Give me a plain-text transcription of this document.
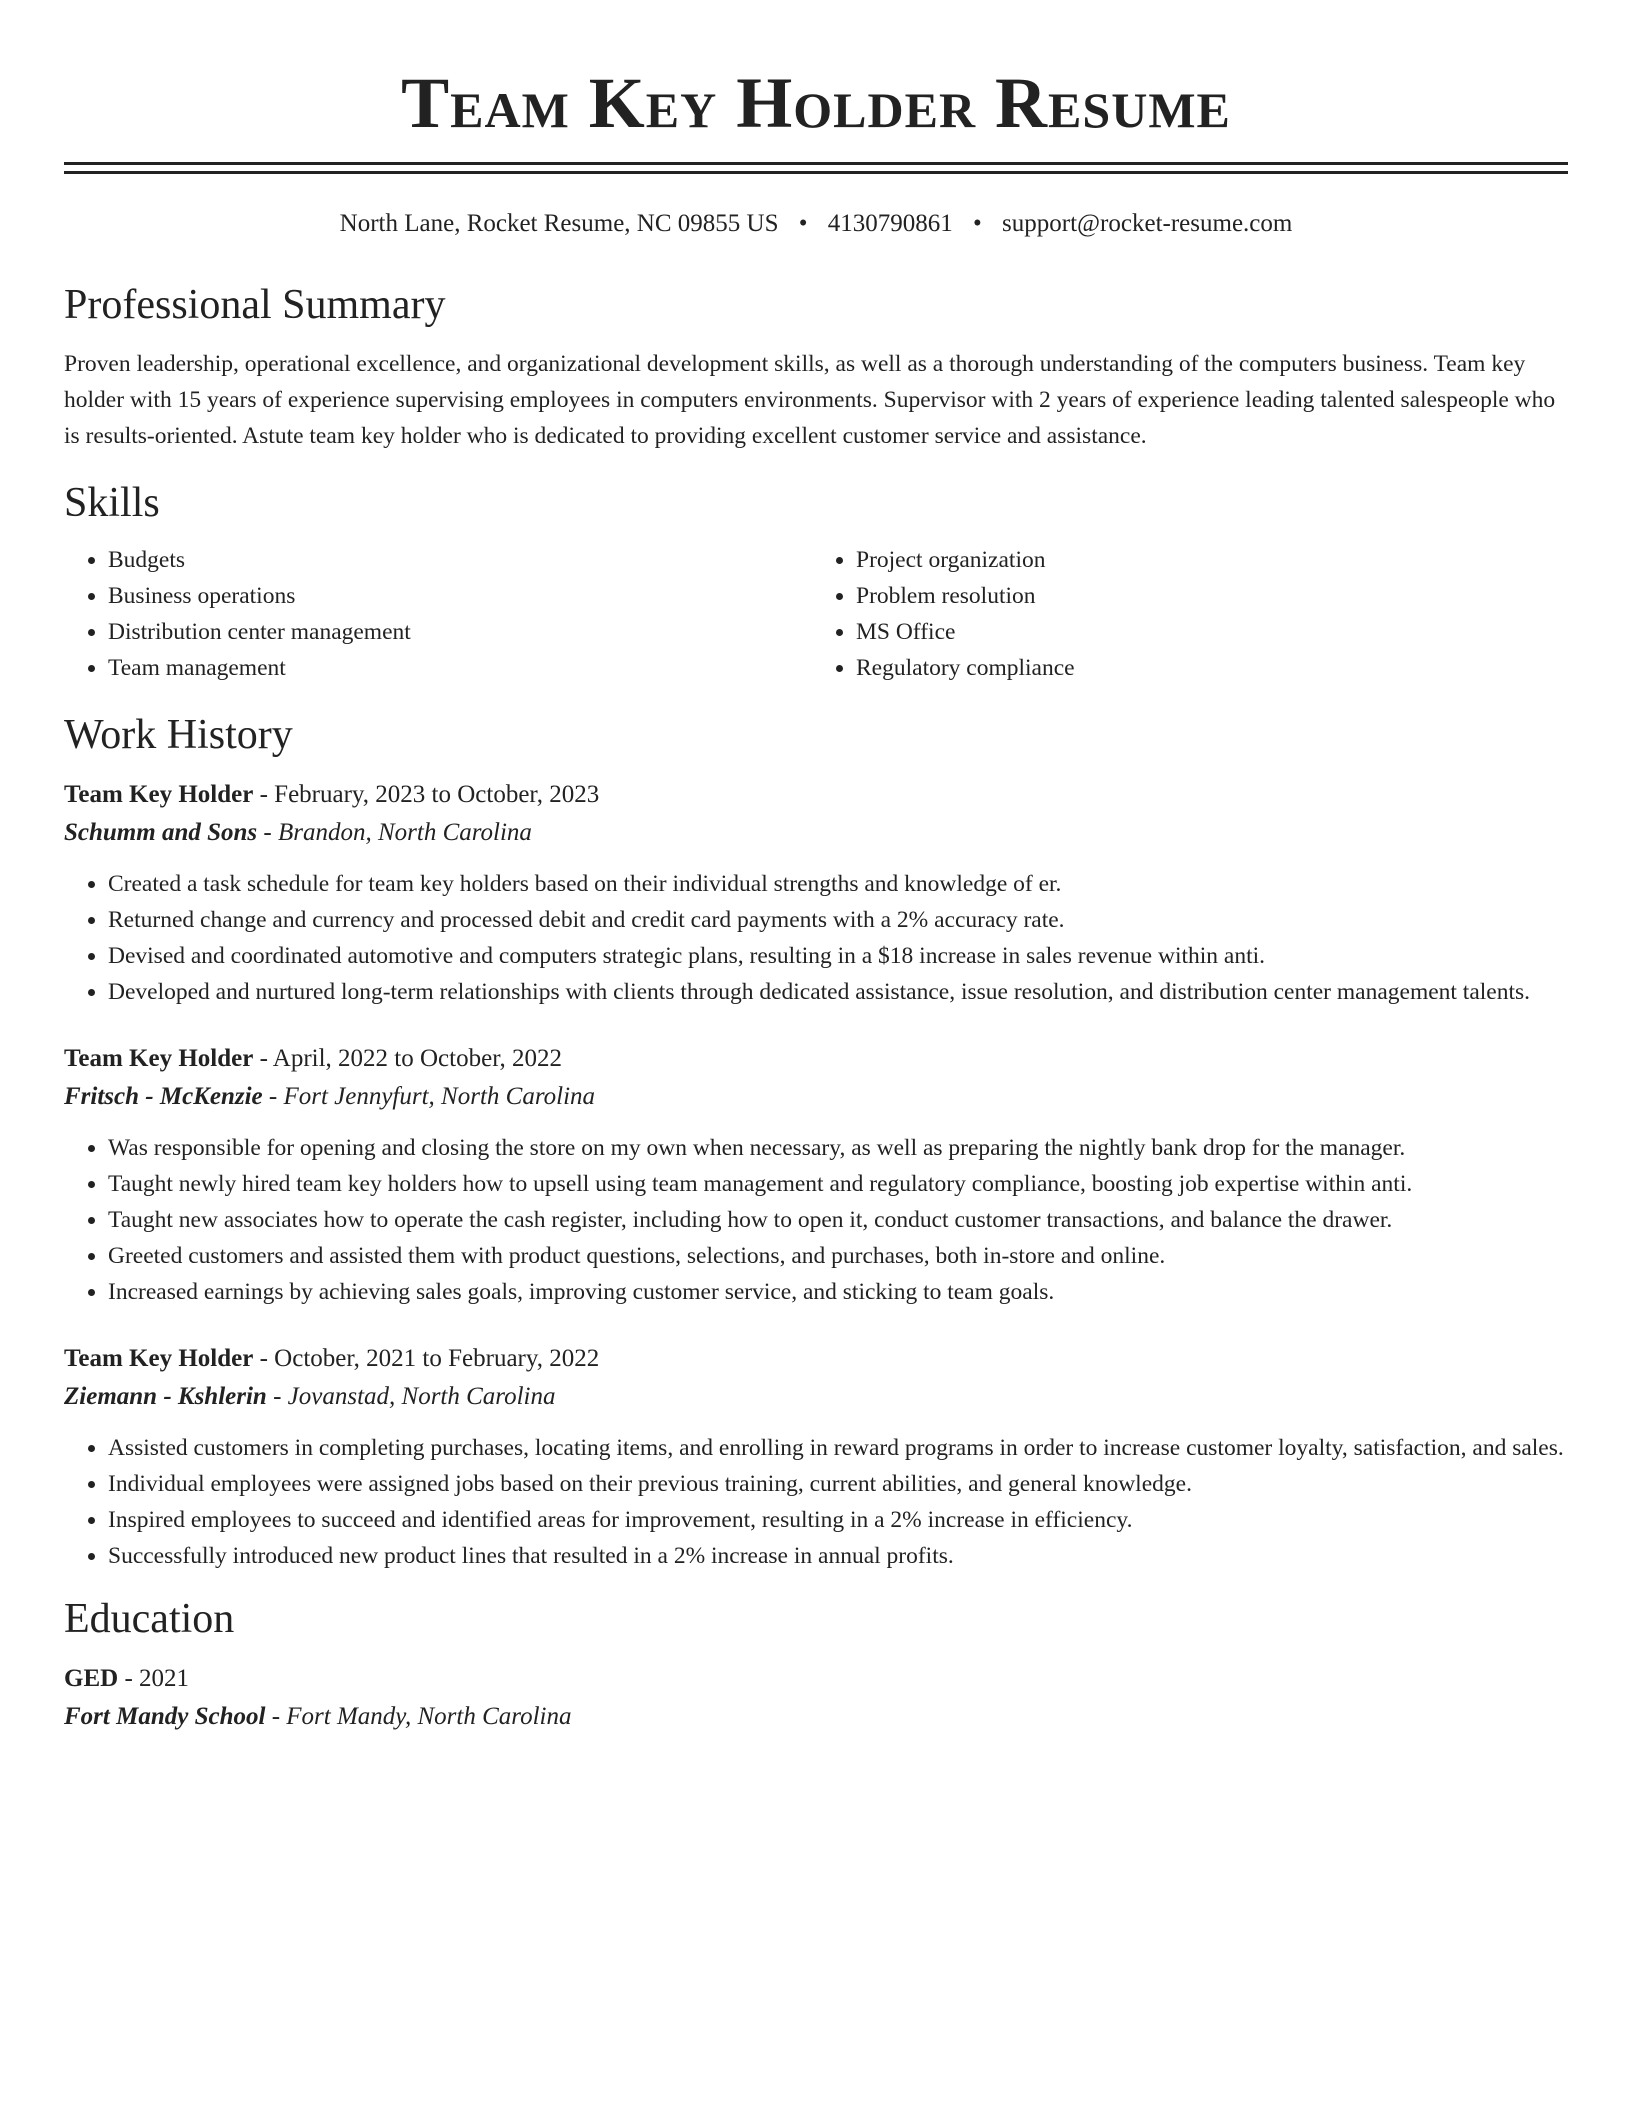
Team Key Holder Resume
North Lane, Rocket Resume, NC 09855 US • 4130790861 • support@rocket-resume.com
Professional Summary
Proven leadership, operational excellence, and organizational development skills, as well as a thorough understanding of the computers business. Team key holder with 15 years of experience supervising employees in computers environments. Supervisor with 2 years of experience leading talented salespeople who is results-oriented. Astute team key holder who is dedicated to providing excellent customer service and assistance.
Skills
• Budgets
• Business operations
• Distribution center management
• Team management
• Project organization
• Problem resolution
• MS Office
• Regulatory compliance
Work History
Team Key Holder - February, 2023 to October, 2023
Schumm and Sons - Brandon, North Carolina
• Created a task schedule for team key holders based on their individual strengths and knowledge of er.
• Returned change and currency and processed debit and credit card payments with a 2% accuracy rate.
• Devised and coordinated automotive and computers strategic plans, resulting in a $18 increase in sales revenue within anti.
• Developed and nurtured long-term relationships with clients through dedicated assistance, issue resolution, and distribution center management talents.
Team Key Holder - April, 2022 to October, 2022
Fritsch - McKenzie - Fort Jennyfurt, North Carolina
• Was responsible for opening and closing the store on my own when necessary, as well as preparing the nightly bank drop for the manager.
• Taught newly hired team key holders how to upsell using team management and regulatory compliance, boosting job expertise within anti.
• Taught new associates how to operate the cash register, including how to open it, conduct customer transactions, and balance the drawer.
• Greeted customers and assisted them with product questions, selections, and purchases, both in-store and online.
• Increased earnings by achieving sales goals, improving customer service, and sticking to team goals.
Team Key Holder - October, 2021 to February, 2022
Ziemann - Kshlerin - Jovanstad, North Carolina
• Assisted customers in completing purchases, locating items, and enrolling in reward programs in order to increase customer loyalty, satisfaction, and sales.
• Individual employees were assigned jobs based on their previous training, current abilities, and general knowledge.
• Inspired employees to succeed and identified areas for improvement, resulting in a 2% increase in efficiency.
• Successfully introduced new product lines that resulted in a 2% increase in annual profits.
Education
GED - 2021
Fort Mandy School - Fort Mandy, North Carolina
